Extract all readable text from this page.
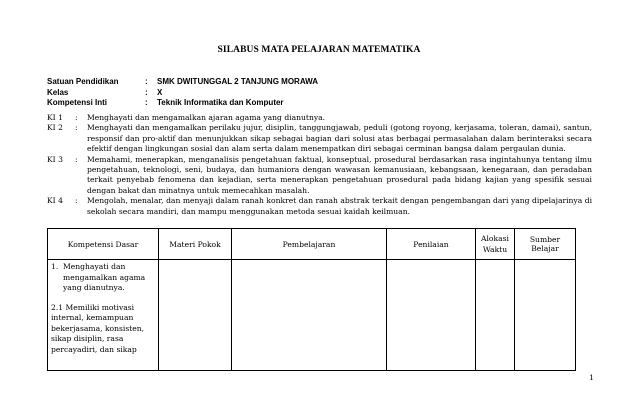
SILABUS MATA PELAJARAN MATEMATIKA
Satuan Pendidikan	:	SMK DWITUNGGAL 2 TANJUNG MORAWA
Kelas	:	X
Kompetensi Inti	:	Teknik Informatika dan Komputer
KI 1	:	Menghayati dan mengamalkan ajaran agama yang dianutnya.
KI 2	:	Menghayati dan mengamalkan perilaku jujur, disiplin, tanggungjawab, peduli (gotong royong, kerjasama, toleran, damai), santun, responsif dan pro-aktif dan menunjukkan sikap sebagai bagian dari solusi atas berbagai permasalahan dalam berinteraksi secara efektif dengan lingkungan sosial dan alam serta dalam menempatkan diri sebagai cerminan bangsa dalam pergaulan dunia.
KI 3	:	Memahami, menerapkan, menganalisis pengetahuan faktual, konseptual, prosedural berdasarkan rasa ingintahunya tentang ilmu pengetahuan, teknologi, seni, budaya, dan humaniora dengan wawasan kemanusiaan, kebangsaan, kenegaraan, dan peradaban terkait penyebab fenomena dan kejadian, serta menerapkan pengetahuan prosedural pada bidang kajian yang spesifik sesuai dengan bakat dan minatnya untuk memecahkan masalah.
KI 4	:	Mengolah, menalar, dan menyaji dalam ranah konkret dan ranah abstrak terkait dengan pengembangan dari yang dipelajarinya di sekolah secara mandiri, dan mampu menggunakan metoda sesuai kaidah keilmuan.
Kompetensi Dasar	Materi Pokok	Pembelajaran	Penilaian	Alokasi Waktu	Sumber Belajar

1. Menghayati dan mengamalkan agama yang dianutnya.
2.1 Memiliki motivasi internal, kemampuan bekerjasama, konsisten, sikap disiplin, rasa percayadiri, dan sikap					

1
